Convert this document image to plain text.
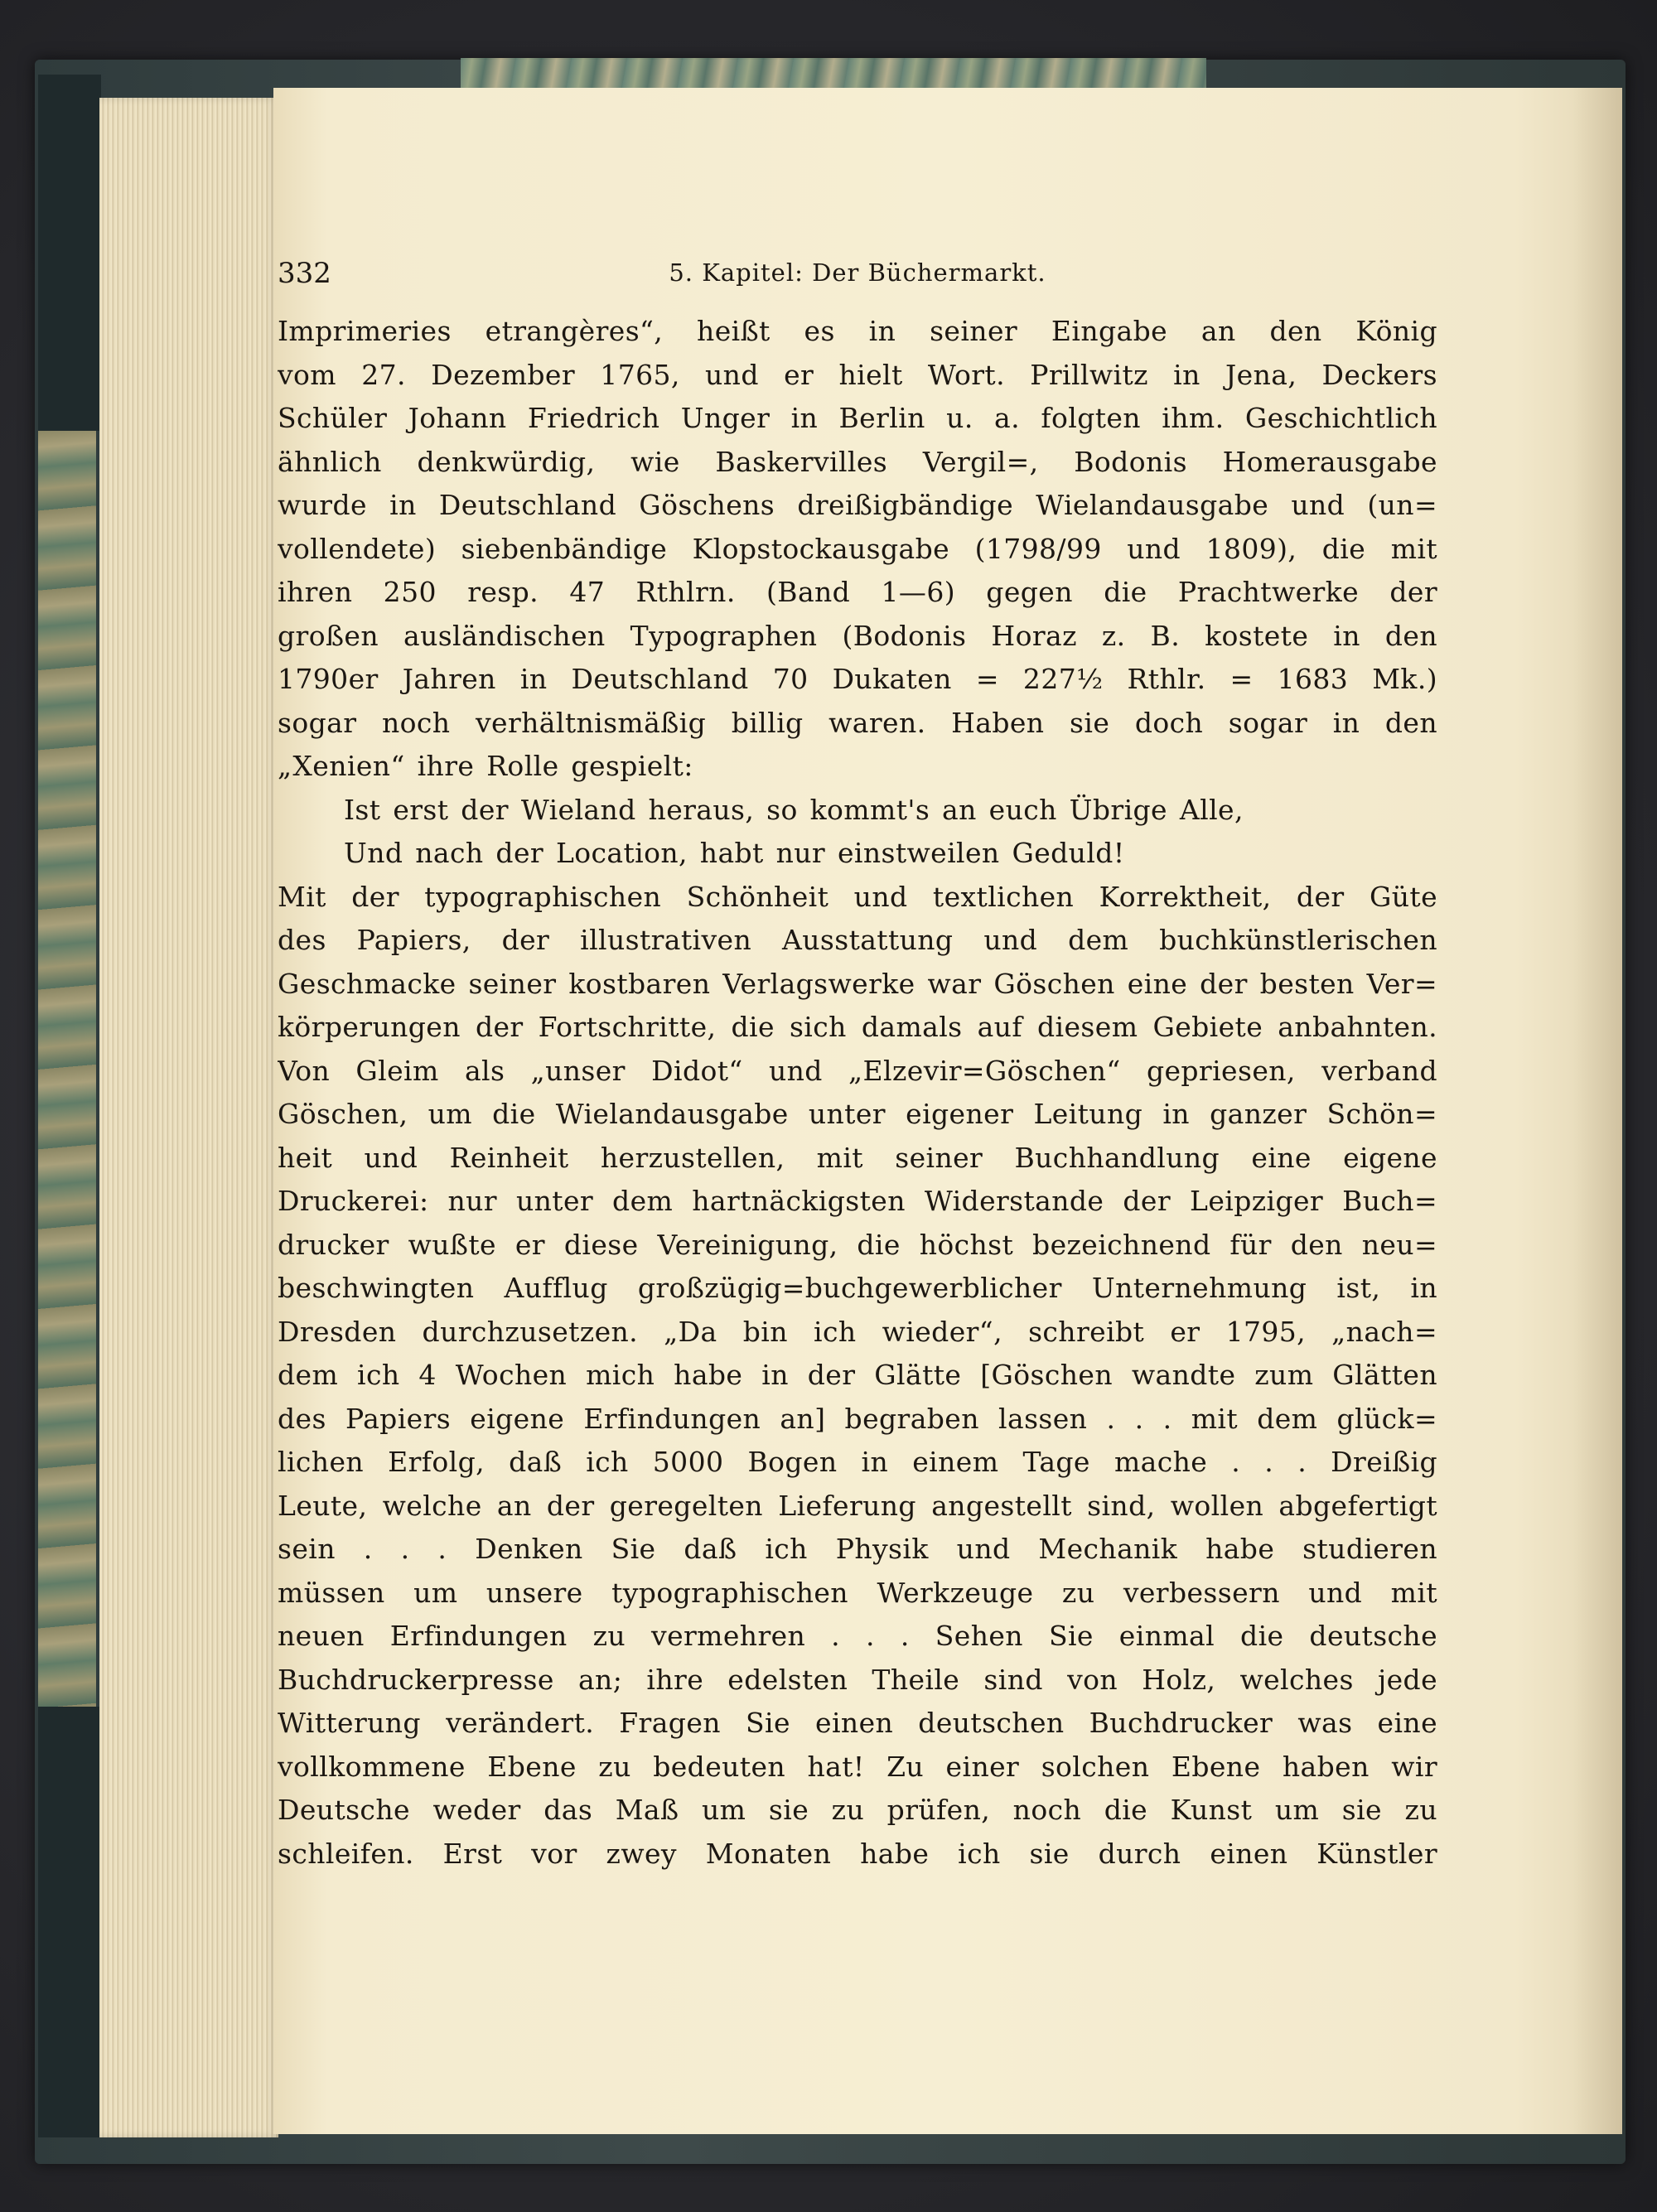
332	5. Kapitel: Der Büchermarkt.
Imprimeries etrangères“, heißt es in seiner Eingabe an den König
vom 27. Dezember 1765, und er hielt Wort. Prillwitz in Jena, Deckers
Schüler Johann Friedrich Unger in Berlin u. a. folgten ihm. Geschichtlich
ähnlich denkwürdig, wie Baskervilles Vergil=, Bodonis Homerausgabe
wurde in Deutschland Göschens dreißigbändige Wielandausgabe und (un=
vollendete) siebenbändige Klopstockausgabe (1798/99 und 1809), die mit
ihren 250 resp. 47 Rthlrn. (Band 1—6) gegen die Prachtwerke der
großen ausländischen Typographen (Bodonis Horaz z. B. kostete in den
1790er Jahren in Deutschland 70 Dukaten = 227½ Rthlr. = 1683 Mk.)
sogar noch verhältnismäßig billig waren. Haben sie doch sogar in den
„Xenien“ ihre Rolle gespielt:
Ist erst der Wieland heraus, so kommt's an euch Übrige Alle,
Und nach der Location, habt nur einstweilen Geduld!
Mit der typographischen Schönheit und textlichen Korrektheit, der Güte
des Papiers, der illustrativen Ausstattung und dem buchkünstlerischen
Geschmacke seiner kostbaren Verlagswerke war Göschen eine der besten Ver=
körperungen der Fortschritte, die sich damals auf diesem Gebiete anbahnten.
Von Gleim als „unser Didot“ und „Elzevir=Göschen“ gepriesen, verband
Göschen, um die Wielandausgabe unter eigener Leitung in ganzer Schön=
heit und Reinheit herzustellen, mit seiner Buchhandlung eine eigene
Druckerei: nur unter dem hartnäckigsten Widerstande der Leipziger Buch=
drucker wußte er diese Vereinigung, die höchst bezeichnend für den neu=
beschwingten Aufflug großzügig=buchgewerblicher Unternehmung ist, in
Dresden durchzusetzen. „Da bin ich wieder“, schreibt er 1795, „nach=
dem ich 4 Wochen mich habe in der Glätte [Göschen wandte zum Glätten
des Papiers eigene Erfindungen an] begraben lassen . . . mit dem glück=
lichen Erfolg, daß ich 5000 Bogen in einem Tage mache . . . Dreißig
Leute, welche an der geregelten Lieferung angestellt sind, wollen abgefertigt
sein . . . Denken Sie daß ich Physik und Mechanik habe studieren
müssen um unsere typographischen Werkzeuge zu verbessern und mit
neuen Erfindungen zu vermehren . . . Sehen Sie einmal die deutsche
Buchdruckerpresse an; ihre edelsten Theile sind von Holz, welches jede
Witterung verändert. Fragen Sie einen deutschen Buchdrucker was eine
vollkommene Ebene zu bedeuten hat! Zu einer solchen Ebene haben wir
Deutsche weder das Maß um sie zu prüfen, noch die Kunst um sie zu
schleifen. Erst vor zwey Monaten habe ich sie durch einen Künstler
